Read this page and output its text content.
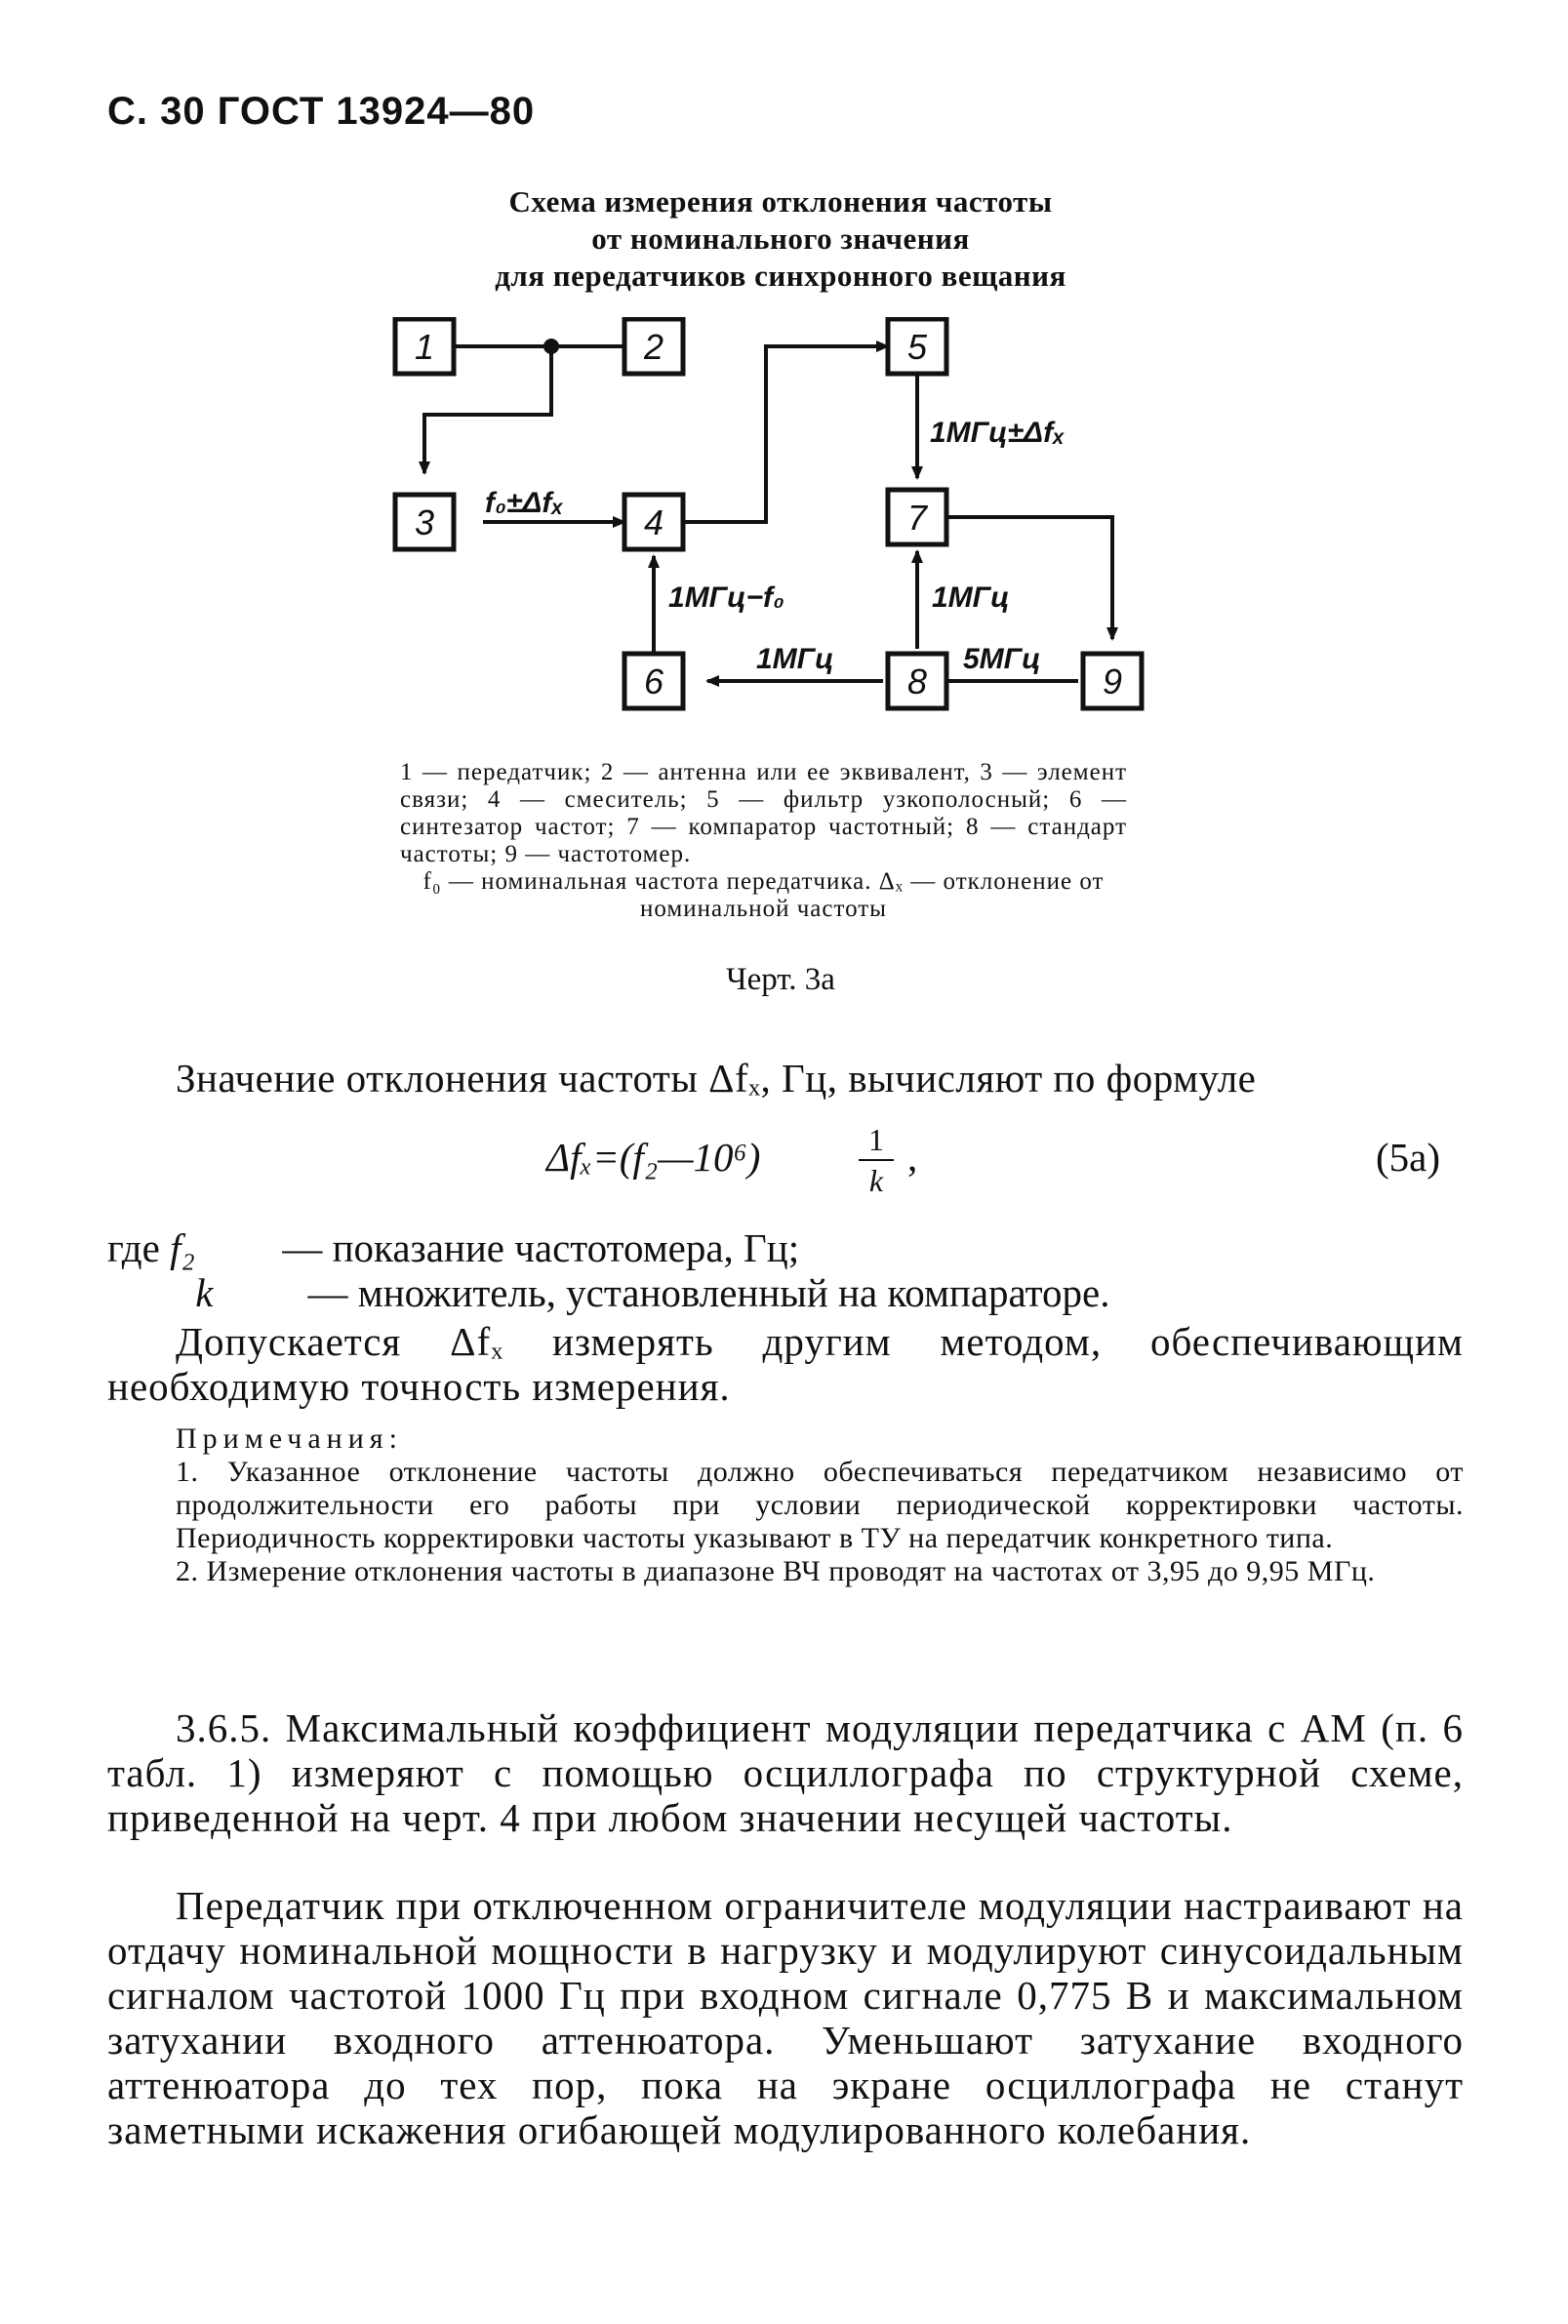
С. 30 ГОСТ 13924—80
Схема измерения отклонения частоты
от номинального значения
для передатчиков синхронного вещания
1	2	5
3	4	7
6	8	9
f₀±Δfₓ
1МГц±Δfₓ
1МГц−f₀	1МГц
1МГц	5МГц

1 — передатчик; 2 — антенна или ее эквивалент, 3 — элемент связи; 4 — смеситель; 5 — фильтр узкополосный; 6 — синтезатор частот; 7 — компаратор частотный; 8 — стандарт частоты; 9 — частотомер.

f₀ — номинальная частота передатчика. Δₓ — отклонение от номинальной частоты

Черт. 3а
Значение отклонения частоты Δfₓ, Гц, вычисляют по формуле
Δfₓ=(f₂—10⁶)	1
k
,	(5а)
где f₂ — показание частотомера, Гц;
k — множитель, установленный на компараторе.
Допускается Δfₓ измерять другим методом, обеспечивающим необходимую точность измерения.

Примечания:

1. Указанное отклонение частоты должно обеспечиваться передатчиком независимо от продолжительности его работы при условии периодической корректировки частоты. Периодичность корректировки частоты указывают в ТУ на передатчик конкретного типа.

2. Измерение отклонения частоты в диапазоне ВЧ проводят на частотах от 3,95 до 9,95 МГц.

3.6.5. Максимальный коэффициент модуляции передатчика с АМ (п. 6 табл. 1) измеряют с помощью осциллографа по структурной схеме, приведенной на черт. 4 при любом значении несущей частоты.
Передатчик при отключенном ограничителе модуляции настраивают на отдачу номинальной мощности в нагрузку и модулируют синусоидальным сигналом частотой 1000 Гц при входном сигнале 0,775 В и максимальном затухании входного аттенюатора. Уменьшают затухание входного аттенюатора до тех пор, пока на экране осциллографа не станут заметными искажения огибающей модулированного колебания.
